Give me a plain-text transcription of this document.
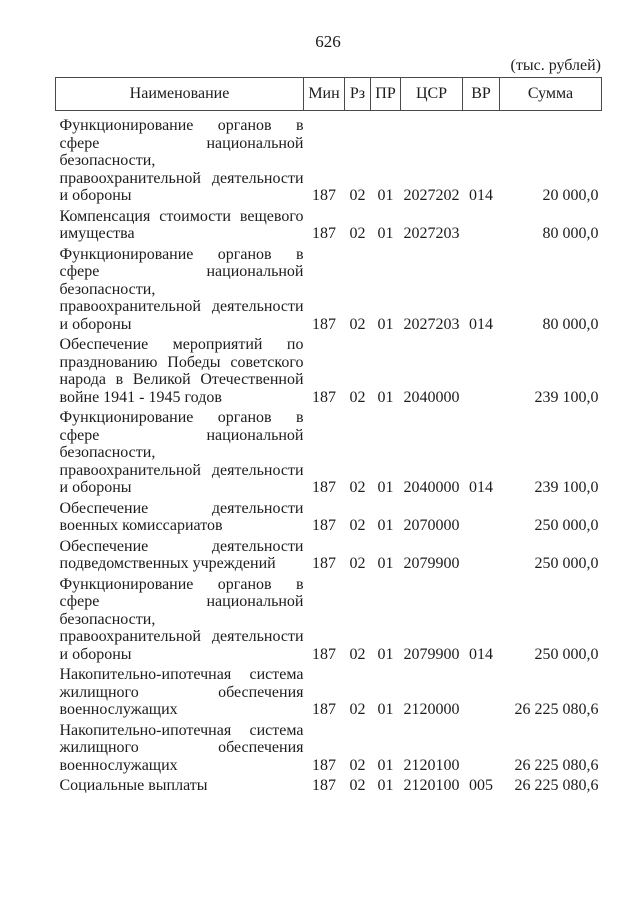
626
(тыс. рублей)
Наименование	Мин	Рз	ПР	ЦСР	ВР	Сумма

Функционирование органов в
сфере национальной
безопасности,
правоохранительной деятельности
и обороны	187	02	01	2027202	014	20 000,0

Компенсация стоимости вещевого
имущества	187	02	01	2027203		80 000,0

Функционирование органов в
сфере национальной
безопасности,
правоохранительной деятельности
и обороны	187	02	01	2027203	014	80 000,0

Обеспечение мероприятий по
празднованию Победы советского
народа в Великой Отечественной
войне 1941 - 1945 годов	187	02	01	2040000		239 100,0

Функционирование органов в
сфере национальной
безопасности,
правоохранительной деятельности
и обороны	187	02	01	2040000	014	239 100,0

Обеспечение деятельности
военных комиссариатов	187	02	01	2070000		250 000,0

Обеспечение деятельности
подведомственных учреждений	187	02	01	2079900		250 000,0

Функционирование органов в
сфере национальной
безопасности,
правоохранительной деятельности
и обороны	187	02	01	2079900	014	250 000,0

Накопительно-ипотечная система
жилищного обеспечения
военнослужащих	187	02	01	2120000		26 225 080,6

Накопительно-ипотечная система
жилищного обеспечения
военнослужащих	187	02	01	2120100		26 225 080,6

Социальные выплаты	187	02	01	2120100	005	26 225 080,6
